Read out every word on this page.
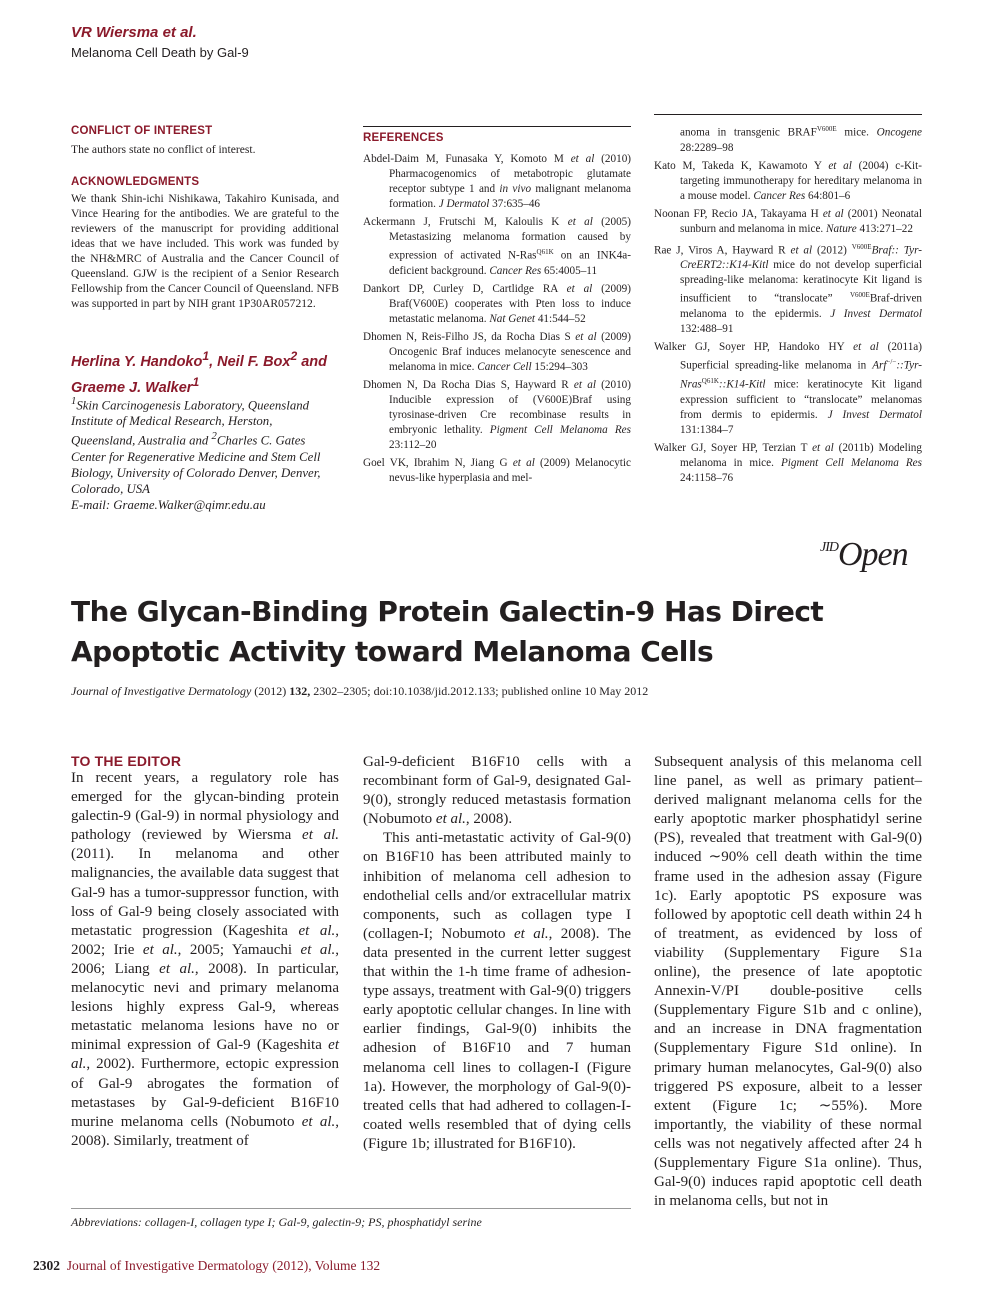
VR Wiersma et al.
Melanoma Cell Death by Gal-9
CONFLICT OF INTEREST
The authors state no conflict of interest.
ACKNOWLEDGMENTS
We thank Shin-ichi Nishikawa, Takahiro Kunisada, and Vince Hearing for the antibodies. We are grateful to the reviewers of the manuscript for providing additional ideas that we have included. This work was funded by the NH&MRC of Australia and the Cancer Council of Queensland. GJW is the recipient of a Senior Research Fellowship from the Cancer Council of Queensland. NFB was supported in part by NIH grant 1P30AR057212.
Herlina Y. Handoko$^1$, Neil F. Box$^2$ and
Graeme J. Walker$^1$
$^1$Skin Carcinogenesis Laboratory, Queensland Institute of Medical Research, Herston, Queensland, Australia and $^2$Charles C. Gates Center for Regenerative Medicine and Stem Cell Biology, University of Colorado Denver, Denver, Colorado, USA
E-mail: Graeme.Walker@qimr.edu.au
REFERENCES
Abdel-Daim M, Funasaka Y, Komoto M et al (2010) Pharmacogenomics of metabotropic glutamate receptor subtype 1 and in vivo malignant melanoma formation. J Dermatol 37:635–46
Ackermann J, Frutschi M, Kaloulis K et al (2005) Metastasizing melanoma formation caused by expression of activated N-Ras$^{Q61K}$ on an INK4a-deficient background. Cancer Res 65:4005–11
Dankort DP, Curley D, Cartlidge RA et al (2009) Braf(V600E) cooperates with Pten loss to induce metastatic melanoma. Nat Genet 41:544–52
Dhomen N, Reis-Filho JS, da Rocha Dias S et al (2009) Oncogenic Braf induces melanocyte senescence and melanoma in mice. Cancer Cell 15:294–303
Dhomen N, Da Rocha Dias S, Hayward R et al (2010) Inducible expression of (V600E)Braf using tyrosinase-driven Cre recombinase results in embryonic lethality. Pigment Cell Melanoma Res 23:112–20
Goel VK, Ibrahim N, Jiang G et al (2009) Melanocytic nevus-like hyperplasia and mel-
anoma in transgenic $BRAF^{V600E}$ mice. Oncogene 28:2289–98
Kato M, Takeda K, Kawamoto Y et al (2004) c-Kit-targeting immunotherapy for hereditary melanoma in a mouse model. Cancer Res 64:801–6
Noonan FP, Recio JA, Takayama H et al (2001) Neonatal sunburn and melanoma in mice. Nature 413:271–22
Rae J, Viros A, Hayward R et al (2012) $^{V600E}$Braf:: Tyr-CreERT2::K14-Kitl mice do not develop superficial spreading-like melanoma: keratinocyte Kit ligand is insufficient to “translocate” $^{V600E}$Braf-driven melanoma to the epidermis. J Invest Dermatol 132:488–91
Walker GJ, Soyer HP, Handoko HY et al (2011a) Superficial spreading-like melanoma in Arf−/−::Tyr-Nras$^{Q61K}$::K14-Kitl mice: keratinocyte Kit ligand expression sufficient to “translocate” melanomas from dermis to epidermis. J Invest Dermatol 131:1384–7
Walker GJ, Soyer HP, Terzian T et al (2011b) Modeling melanoma in mice. Pigment Cell Melanoma Res 24:1158–76
$^{JID}$Open
The Glycan-Binding Protein Galectin-9 Has Direct
Apoptotic Activity toward Melanoma Cells
Journal of Investigative Dermatology (2012) 132, 2302–2305; doi:10.1038/jid.2012.133; published online 10 May 2012
TO THE EDITOR
In recent years, a regulatory role has emerged for the glycan-binding protein galectin-9 (Gal-9) in normal physiology and pathology (reviewed by Wiersma et al. (2011). In melanoma and other malignancies, the available data suggest that Gal-9 has a tumor-suppressor function, with loss of Gal-9 being closely associated with metastatic progression (Kageshita et al., 2002; Irie et al., 2005; Yamauchi et al., 2006; Liang et al., 2008). In particular, melanocytic nevi and primary melanoma lesions highly express Gal-9, whereas metastatic melanoma lesions have no or minimal expression of Gal-9 (Kageshita et al., 2002). Furthermore, ectopic expression of Gal-9 abrogates the formation of metastases by Gal-9-deficient B16F10 murine melanoma cells (Nobumoto et al., 2008). Similarly, treatment of

Gal-9-deficient B16F10 cells with a recombinant form of Gal-9, designated Gal-9(0), strongly reduced metastasis formation (Nobumoto et al., 2008).

This anti-metastatic activity of Gal-9(0) on B16F10 has been attributed mainly to inhibition of melanoma cell adhesion to endothelial cells and/or extracellular matrix components, such as collagen type I (collagen-I; Nobumoto et al., 2008). The data presented in the current letter suggest that within the 1-h time frame of adhesion-type assays, treatment with Gal-9(0) triggers early apoptotic cellular changes. In line with earlier findings, Gal-9(0) inhibits the adhesion of B16F10 and 7 human melanoma cell lines to collagen-I (Figure 1a). However, the morphology of Gal-9(0)-treated cells that had adhered to collagen-I-coated wells resembled that of dying cells (Figure 1b; illustrated for B16F10).

Subsequent analysis of this melanoma cell line panel, as well as primary patient–derived malignant melanoma cells for the early apoptotic marker phosphatidyl serine (PS), revealed that treatment with Gal-9(0) induced ∼90% cell death within the time frame used in the adhesion assay (Figure 1c). Early apoptotic PS exposure was followed by apoptotic cell death within 24 h of treatment, as evidenced by loss of viability (Supplementary Figure S1a online), the presence of late apoptotic Annexin-V/PI double-positive cells (Supplementary Figure S1b and c online), and an increase in DNA fragmentation (Supplementary Figure S1d online). In primary human melanocytes, Gal-9(0) also triggered PS exposure, albeit to a lesser extent (Figure 1c; ∼55%). More importantly, the viability of these normal cells was not negatively affected after 24 h (Supplementary Figure S1a online). Thus, Gal-9(0) induces rapid apoptotic cell death in melanoma cells, but not in

Abbreviations: collagen-I, collagen type I; Gal-9, galectin-9; PS, phosphatidyl serine
2302 Journal of Investigative Dermatology (2012), Volume 132
